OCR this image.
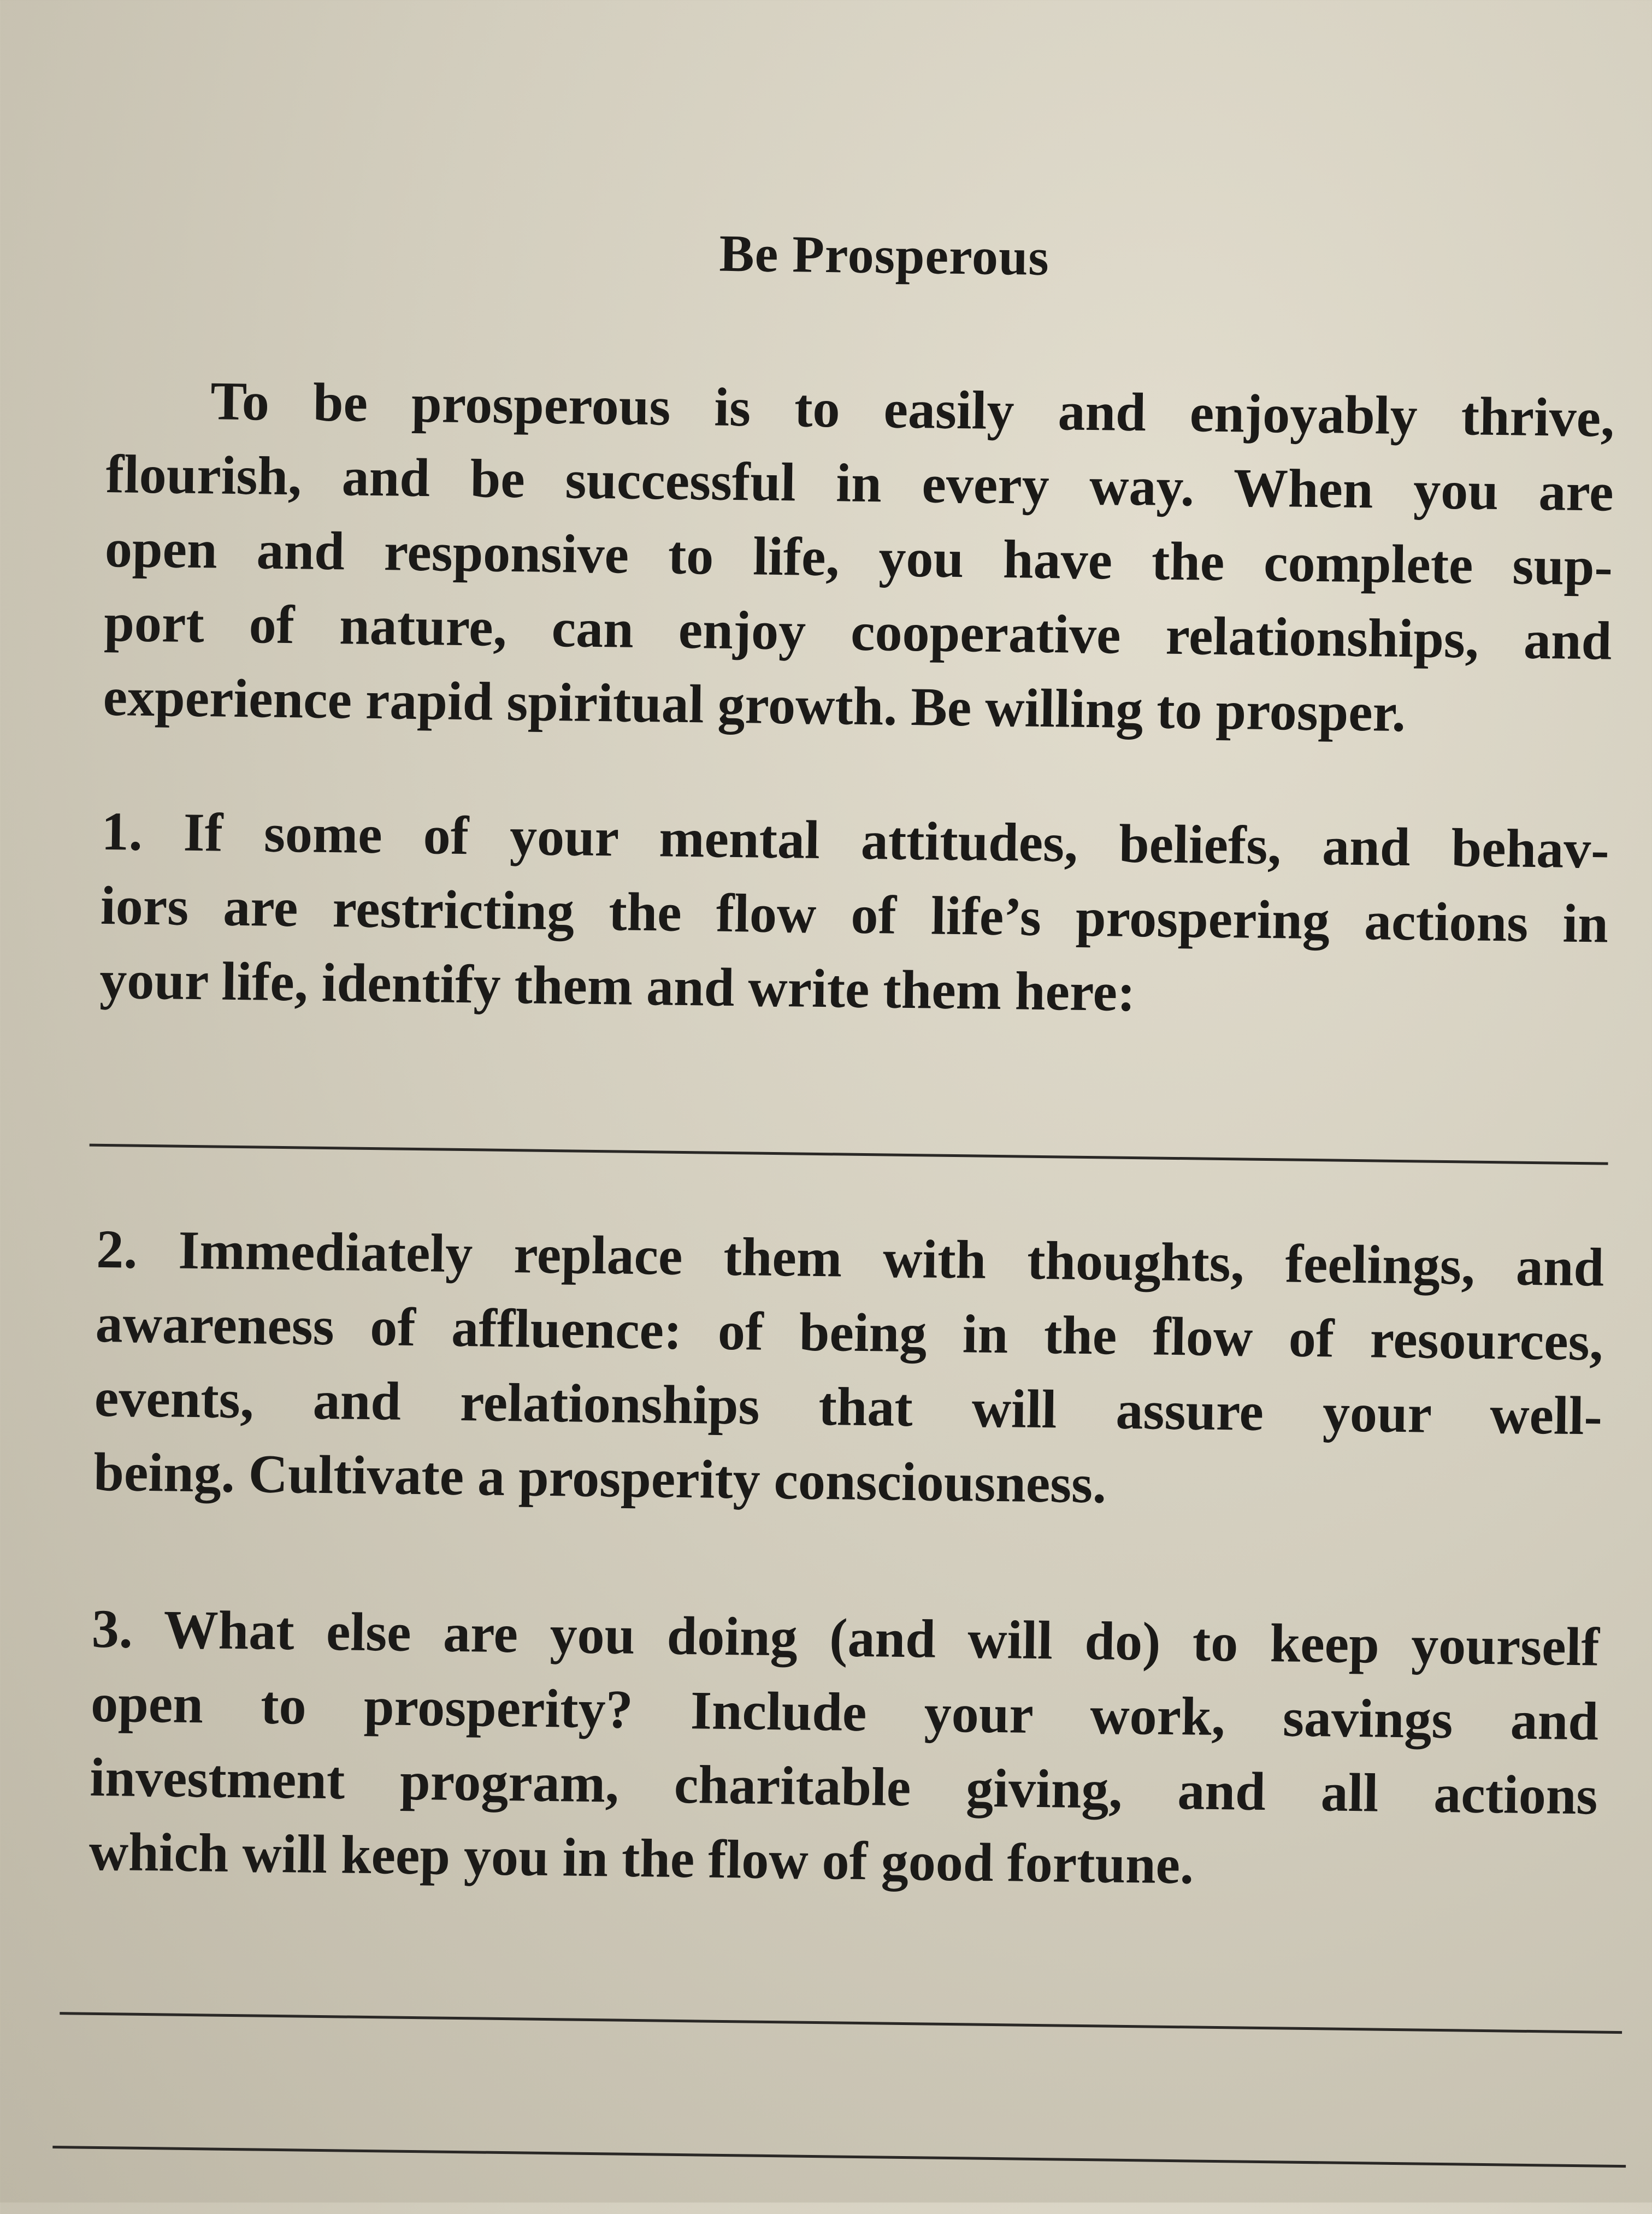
Be Prosperous
To be prosperous is to easily and enjoyably thrive,
flourish, and be successful in every way. When you are
open and responsive to life, you have the complete sup-
port of nature, can enjoy cooperative relationships, and
experience rapid spiritual growth. Be willing to prosper.
1. If some of your mental attitudes, beliefs, and behav-
iors are restricting the flow of life’s prospering actions in
your life, identify them and write them here:
2. Immediately replace them with thoughts, feelings, and
awareness of affluence: of being in the flow of resources,
events, and relationships that will assure your well-
being. Cultivate a prosperity consciousness.
3. What else are you doing (and will do) to keep yourself
open to prosperity? Include your work, savings and
investment program, charitable giving, and all actions
which will keep you in the flow of good fortune.
